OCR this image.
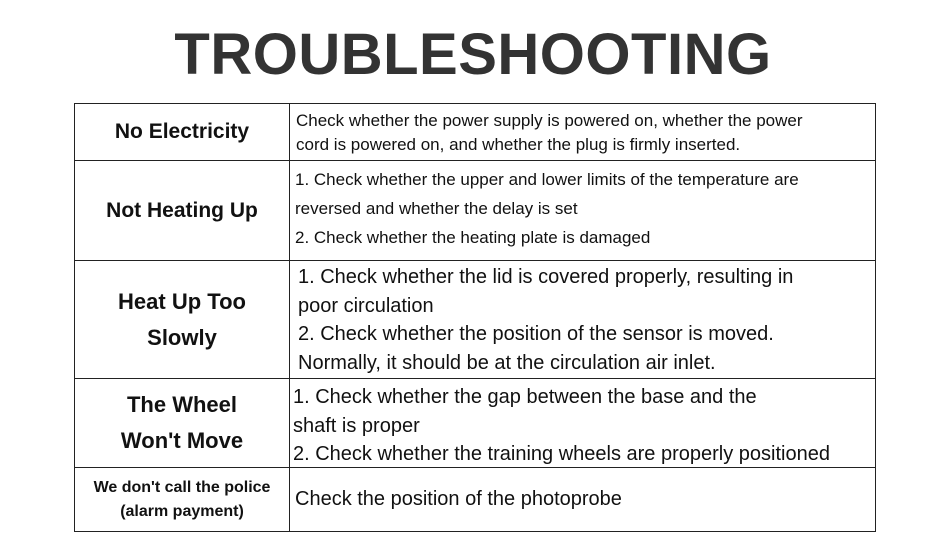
TROUBLESHOOTING
No Electricity	Check whether the power supply is powered on, whether the power
cord is powered on, and whether the plug is firmly inserted.
Not Heating Up
1. Check whether the upper and lower limits of the temperature are
reversed and whether the delay is set
2. Check whether the heating plate is damaged
Heat Up Too
Slowly
1. Check whether the lid is covered properly, resulting in
poor circulation
2. Check whether the position of the sensor is moved.
Normally, it should be at the circulation air inlet.
The Wheel
Won't Move
1. Check whether the gap between the base and the
shaft is proper
2. Check whether the training wheels are properly positioned
We don't call the police
(alarm payment)
Check the position of the photoprobe
